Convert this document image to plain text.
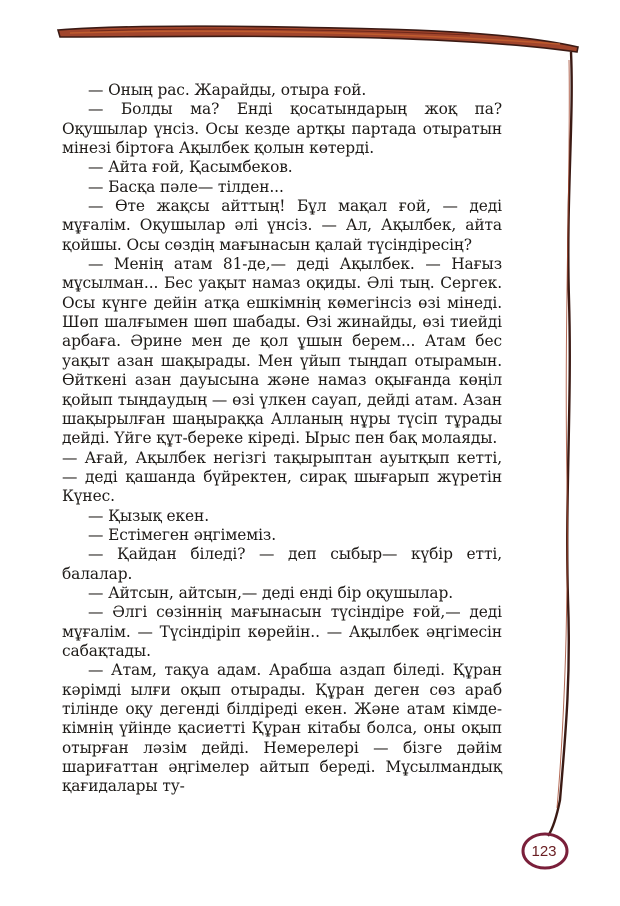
— Оның рас. Жарайды, отыра ғой.

— Болды ма? Енді қосатындарың жоқ па? Оқушылар үнсіз. Осы кезде артқы партада отыратын мінезі біртоға Ақылбек қолын көтерді.

— Айта ғой, Қасымбеков.

— Басқа пәле— тілден...

— Өте жақсы айттың! Бұл мақал ғой, — деді мұғалім. Оқушылар әлі үнсіз. — Ал, Ақылбек, айта қойшы. Осы сөздің мағынасын қалай түсіндіресің?

— Менің атам 81-де,— деді Ақылбек. — Нағыз мұсылман... Бес уақыт намаз оқиды. Әлі тың. Сергек. Осы күнге дейін атқа ешкімнің көмегінсіз өзі мінеді. Шөп шалғымен шөп шабады. Өзі жинайды, өзі тиейді арбаға. Әрине мен де қол ұшын берем... Атам бес уақыт азан шақырады. Мен үйып тыңдап отырамын. Өйткені азан дауысына және намаз оқығанда көңіл қойып тыңдаудың — өзі үлкен сауап, дейді атам. Азан шақырылған шаңыраққа Алланың нұры түсіп тұрады дейді. Үйге құт-береке кіреді. Ырыс пен бақ молаяды.

— Ағай, Ақылбек негізгі тақырыптан ауытқып кетті, — деді қашанда бүйректен, сирақ шығарып жүретін Күнес.

— Қызық екен.

— Естімеген әңгімеміз.

— Қайдан біледі? — деп сыбыр— күбір етті, балалар.

— Айтсын, айтсын,— деді енді бір оқушылар.

— Әлгі сөзіннің мағынасын түсіндіре ғой,— деді мұғалім. — Түсіндіріп көрейін.. — Ақылбек әңгімесін сабақтады.

— Атам, тақуа адам. Арабша аздап біледі. Құран кәрімді ылғи оқып отырады. Құран деген сөз араб тілінде оқу дегенді білдіреді екен. Және атам кімде-кімнің үйінде қасиетті Құран кітабы болса, оны оқып отырған ләзім дейді. Немерелері — бізге дәйім шариғаттан әңгімелер айтып береді. Мұсылмандық қағидалары ту-

123
